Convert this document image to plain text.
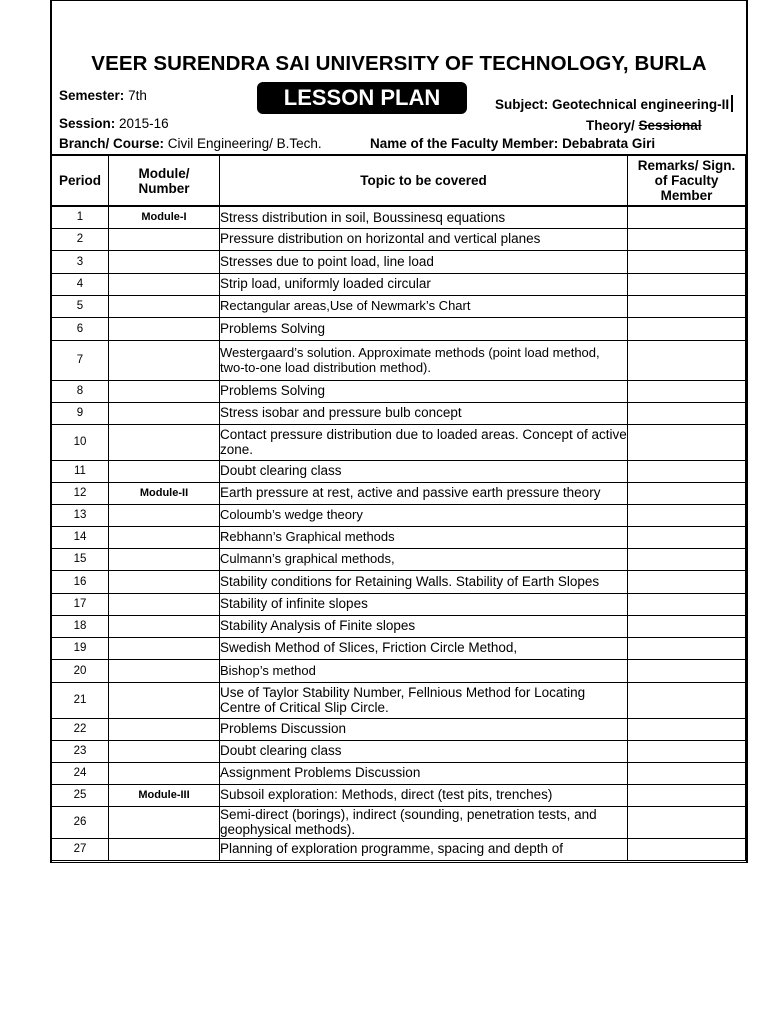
VEER SURENDRA SAI UNIVERSITY OF TECHNOLOGY, BURLA
LESSON PLAN
Semester: 7th
Subject: Geotechnical engineering-II
Session: 2015-16	Theory/ Sessional
Branch/ Course: Civil Engineering/ B.Tech.	Name of the Faculty Member: Debabrata Giri
Period	Module/ Number	Topic to be covered	Remarks/ Sign. of Faculty Member
1	Module-I	Stress distribution in soil, Boussinesq equations	
2		Pressure distribution on horizontal and vertical planes	
3		Stresses due to point load, line load	
4		Strip load, uniformly loaded circular	
5		Rectangular areas,Use of Newmark’s Chart	
6		Problems Solving	
7		Westergaard’s solution. Approximate methods (point load method, two-to-one load distribution method).	
8		Problems Solving	
9		Stress isobar and pressure bulb concept	
10		Contact pressure distribution due to loaded areas. Concept of active zone.	
11		Doubt clearing class	
12	Module-II	Earth pressure at rest, active and passive earth pressure theory	
13		Coloumb’s wedge theory	
14		Rebhann’s Graphical methods	
15		Culmann’s graphical methods,	
16		Stability conditions for Retaining Walls. Stability of Earth Slopes	
17		Stability of infinite slopes	
18		Stability Analysis of Finite slopes	
19		Swedish Method of Slices, Friction Circle Method,	
20		Bishop’s method	
21		Use of Taylor Stability Number, Fellnious Method for Locating Centre of Critical Slip Circle.	
22		Problems Discussion	
23		Doubt clearing class	
24		Assignment Problems Discussion	
25	Module-III	Subsoil exploration: Methods, direct (test pits, trenches)	
26		Semi-direct (borings), indirect (sounding, penetration tests, and geophysical methods).	
27		Planning of exploration programme, spacing and depth of	
